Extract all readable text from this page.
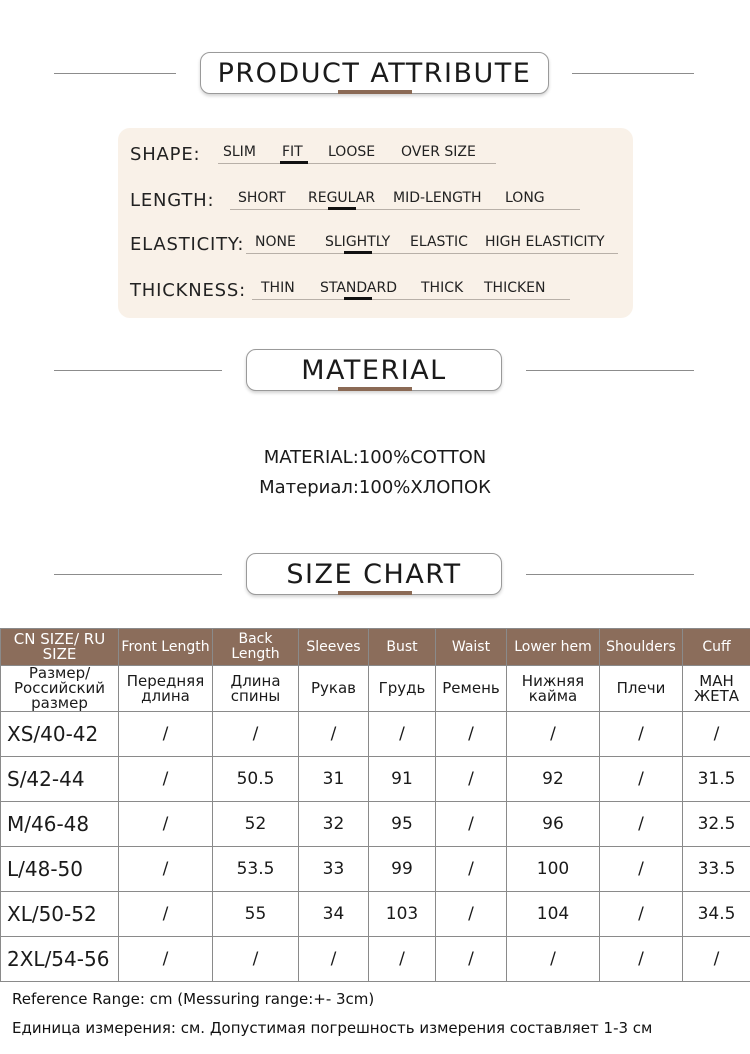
PRODUCT ATTRIBUTE
SHAPE: SLIM FIT LOOSE OVER SIZE
LENGTH: SHORT REGULAR MID-LENGTH LONG
ELASTICITY: NONE SLIGHTLY ELASTIC HIGH ELASTICITY
THICKNESS: THIN STANDARD THICK THICKEN
MATERIAL
MATERIAL:100%COTTON
Материал:100%ХЛОПОК
SIZE CHART
CN SIZE/ RU SIZE	Front Length	Back Length	Sleeves	Bust	Waist	Lower hem	Shoulders	Cuff
Размер/ Российский размер	Передняя длина	Длина спины	Рукав	Грудь	Ремень	Нижняя кайма	Плечи	МАН ЖЕТА
XS/40-42	/	/	/	/	/	/	/	/
S/42-44	/	50.5	31	91	/	92	/	31.5
M/46-48	/	52	32	95	/	96	/	32.5
L/48-50	/	53.5	33	99	/	100	/	33.5
XL/50-52	/	55	34	103	/	104	/	34.5
2XL/54-56	/	/	/	/	/	/	/	/
Reference Range: cm (Messuring range:+- 3cm)
Единица измерения: см. Допустимая погрешность измерения составляет 1-3 см
